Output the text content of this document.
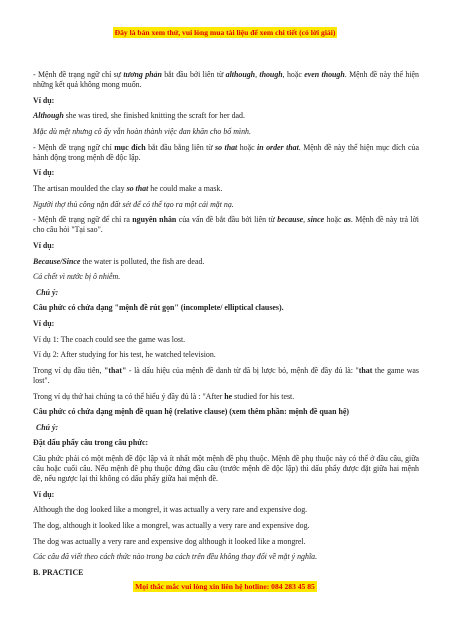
Đây là bản xem thử, vui lòng mua tài liệu để xem chi tiết (có lời giải)

- Mệnh đề trạng ngữ chỉ sự tương phản bắt đầu bởi liên từ although, though, hoặc even though. Mệnh đề này thể hiện những kết quả không mong muốn.

Ví dụ:

Although she was tired, she finished knitting the scraft for her dad.

Mặc dù mệt nhưng cô ấy vẫn hoàn thành việc đan khăn cho bố mình.

- Mệnh đề trạng ngữ chỉ mục đích bắt đầu bằng liên từ so that hoặc in order that. Mệnh đề này thể hiện mục đích của hành động trong mệnh đề độc lập.

Ví dụ:

The artisan moulded the clay so that he could make a mask.

Người thợ thủ công nặn đất sét để có thể tạo ra một cái mặt nạ.

- Mệnh đề trạng ngữ để chỉ ra nguyên nhân của vấn đề bắt đầu bởi liên từ because, since hoặc as. Mệnh đề này trả lời cho câu hỏi "Tại sao".

Ví dụ:

Because/Since the water is polluted, the fish are dead.

Cá chết vì nước bị ô nhiễm.

Chú ý:

Câu phức có chứa dạng "mệnh đề rút gọn" (incomplete/ elliptical clauses).

Ví dụ:

Ví dụ 1: The coach could see the game was lost.

Ví dụ 2: After studying for his test, he watched television.

Trong ví dụ đầu tiên, "that" - là dấu hiệu của mệnh đề danh từ đã bị lược bỏ, mệnh đề đầy đủ là: "that the game was lost".

Trong ví dụ thứ hai chúng ta có thể hiểu ý đầy đủ là : "After he studied for his test.

Câu phức có chứa dạng mệnh đề quan hệ (relative clause) (xem thêm phần: mệnh đề quan hệ)

Chú ý:

Đặt dấu phẩy câu trong câu phức:

Câu phức phải có một mệnh đề độc lập và ít nhất một mệnh đề phụ thuộc. Mệnh đề phụ thuộc này có thể ở đầu câu, giữa câu hoặc cuối câu. Nếu mệnh đề phụ thuộc đứng đầu câu (trước mệnh đề độc lập) thì dấu phẩy được đặt giữa hai mệnh đề, nếu ngược lại thì không có dấu phẩy giữa hai mệnh đề.

Ví dụ:

Although the dog looked like a mongrel, it was actually a very rare and expensive dog.

The dog, although it looked like a mongrel, was actually a very rare and expensive dog.

The dog was actually a very rare and expensive dog although it looked like a mongrel.

Các câu đã viết theo cách thức nào trong ba cách trên đều không thay đổi về mặt ý nghĩa.

B. PRACTICE

Mọi thắc mắc vui lòng xin liên hệ hotline: 084 283 45 85
